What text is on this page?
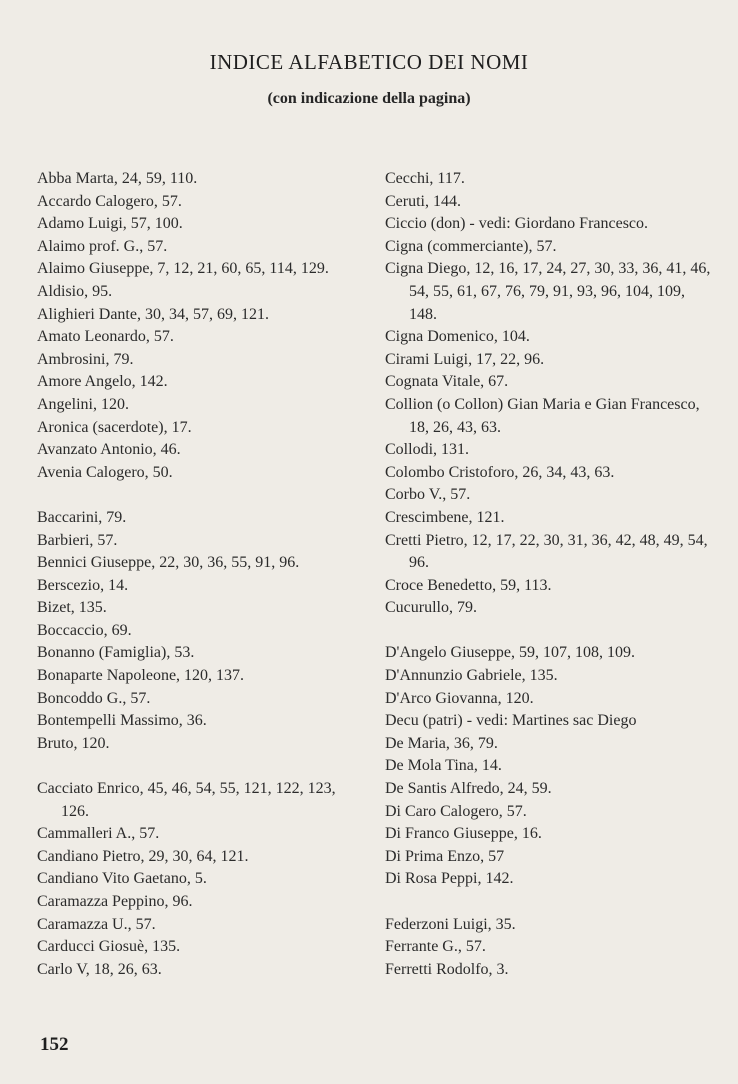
INDICE ALFABETICO DEI NOMI
(con indicazione della pagina)
Abba Marta, 24, 59, 110.
Accardo Calogero, 57.
Adamo Luigi, 57, 100.
Alaimo prof. G., 57.
Alaimo Giuseppe, 7, 12, 21, 60, 65, 114, 129.
Aldisio, 95.
Alighieri Dante, 30, 34, 57, 69, 121.
Amato Leonardo, 57.
Ambrosini, 79.
Amore Angelo, 142.
Angelini, 120.
Aronica (sacerdote), 17.
Avanzato Antonio, 46.
Avenia Calogero, 50.
Baccarini, 79.
Barbieri, 57.
Bennici Giuseppe, 22, 30, 36, 55, 91, 96.
Berscezio, 14.
Bizet, 135.
Boccaccio, 69.
Bonanno (Famiglia), 53.
Bonaparte Napoleone, 120, 137.
Boncoddo G., 57.
Bontempelli Massimo, 36.
Bruto, 120.
Cacciato Enrico, 45, 46, 54, 55, 121, 122, 123, 126.
Cammalleri A., 57.
Candiano Pietro, 29, 30, 64, 121.
Candiano Vito Gaetano, 5.
Caramazza Peppino, 96.
Caramazza U., 57.
Carducci Giosuè, 135.
Carlo V, 18, 26, 63.
Cecchi, 117.
Ceruti, 144.
Ciccio (don) - vedi: Giordano Francesco.
Cigna (commerciante), 57.
Cigna Diego, 12, 16, 17, 24, 27, 30, 33, 36, 41, 46, 54, 55, 61, 67, 76, 79, 91, 93, 96, 104, 109, 148.
Cigna Domenico, 104.
Cirami Luigi, 17, 22, 96.
Cognata Vitale, 67.
Collion (o Collon) Gian Maria e Gian Francesco, 18, 26, 43, 63.
Collodi, 131.
Colombo Cristoforo, 26, 34, 43, 63.
Corbo V., 57.
Crescimbene, 121.
Cretti Pietro, 12, 17, 22, 30, 31, 36, 42, 48, 49, 54, 96.
Croce Benedetto, 59, 113.
Cucurullo, 79.
D'Angelo Giuseppe, 59, 107, 108, 109.
D'Annunzio Gabriele, 135.
D'Arco Giovanna, 120.
Decu (patri) - vedi: Martines sac Diego
De Maria, 36, 79.
De Mola Tina, 14.
De Santis Alfredo, 24, 59.
Di Caro Calogero, 57.
Di Franco Giuseppe, 16.
Di Prima Enzo, 57
Di Rosa Peppi, 142.
Federzoni Luigi, 35.
Ferrante G., 57.
Ferretti Rodolfo, 3.
152
